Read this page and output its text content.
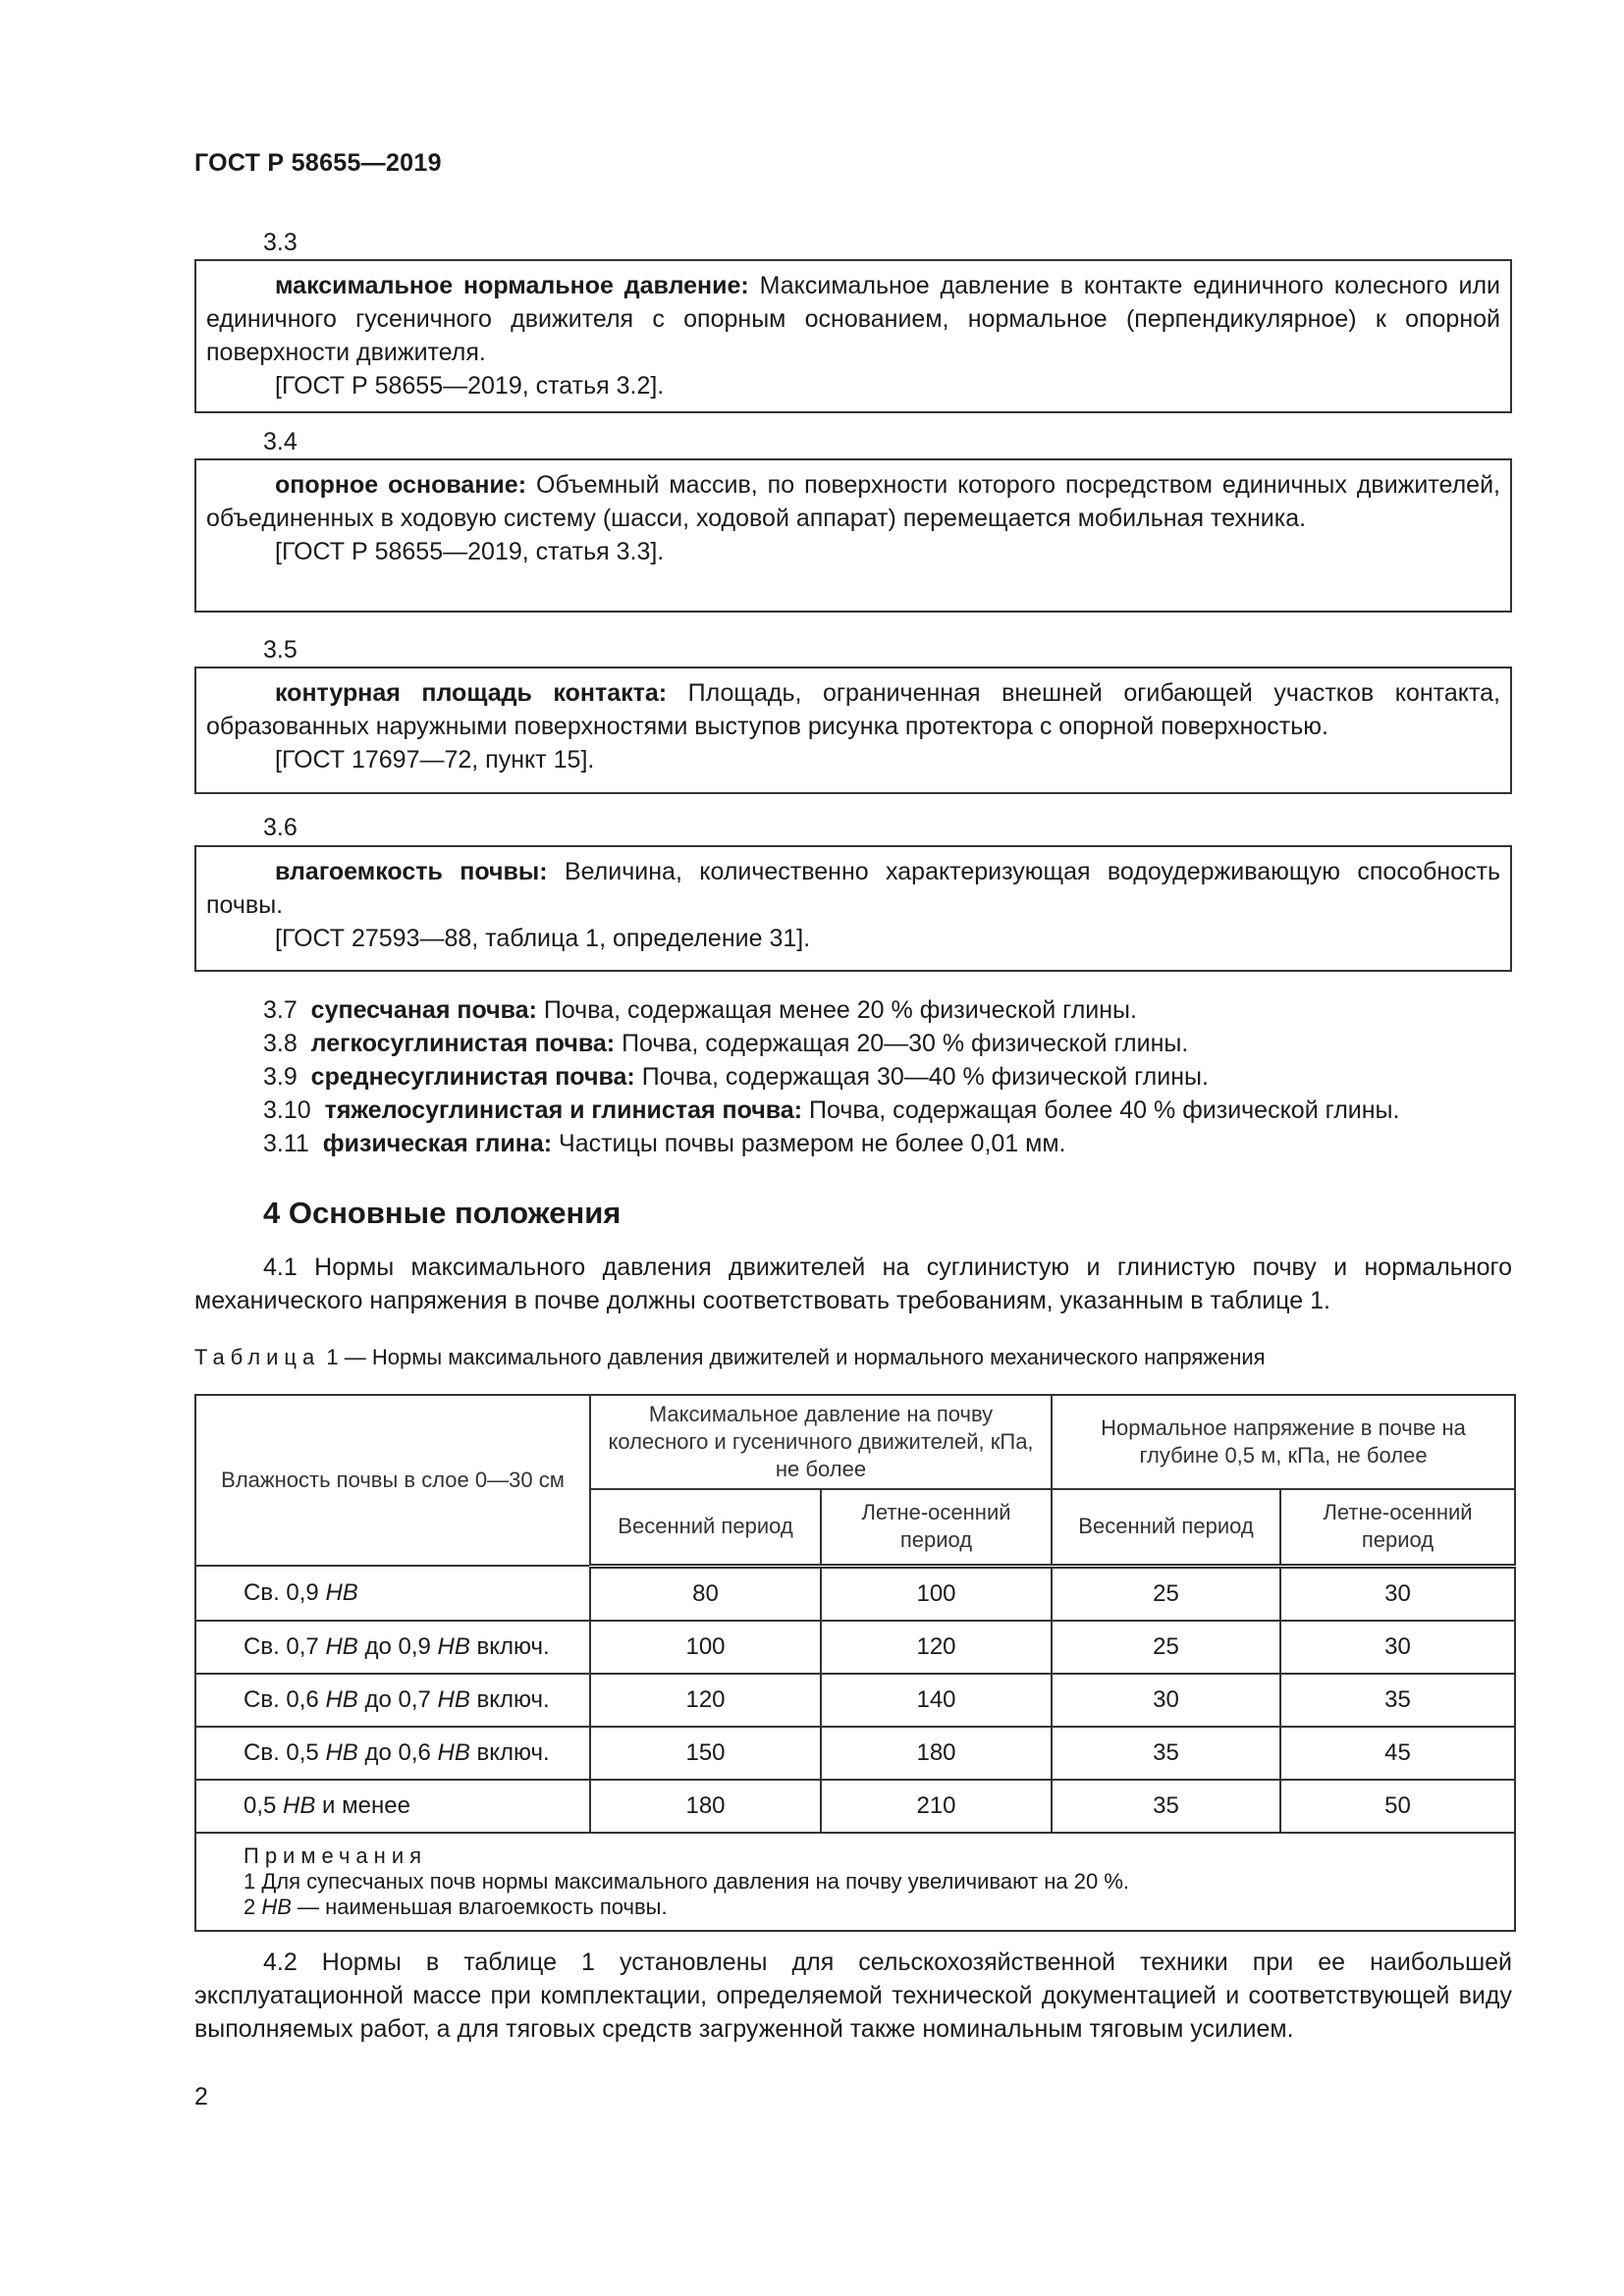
ГОСТ Р 58655—2019
3.3

максимальное нормальное давление: Максимальное давление в контакте единичного колесного или единичного гусеничного движителя с опорным основанием, нормальное (перпендикулярное) к опорной поверхности движителя.

[ГОСТ Р 58655—2019, статья 3.2].

3.4

опорное основание: Объемный массив, по поверхности которого посредством единичных движителей, объединенных в ходовую систему (шасси, ходовой аппарат) перемещается мобильная техника.

[ГОСТ Р 58655—2019, статья 3.3].

3.5

контурная площадь контакта: Площадь, ограниченная внешней огибающей участков контакта, образованных наружными поверхностями выступов рисунка протектора с опорной поверхностью.

[ГОСТ 17697—72, пункт 15].

3.6

влагоемкость почвы: Величина, количественно характеризующая водоудерживающую способность почвы.

[ГОСТ 27593—88, таблица 1, определение 31].

3.7 супесчаная почва: Почва, содержащая менее 20 % физической глины.
3.8 легкосуглинистая почва: Почва, содержащая 20—30 % физической глины.
3.9 среднесуглинистая почва: Почва, содержащая 30—40 % физической глины.
3.10 тяжелосуглинистая и глинистая почва: Почва, содержащая более 40 % физической глины.
3.11 физическая глина: Частицы почвы размером не более 0,01 мм.
4 Основные положения

4.1 Нормы максимального давления движителей на суглинистую и глинистую почву и нормального механического напряжения в почве должны соответствовать требованиям, указанным в таблице 1.

Таблица 1 — Нормы максимального давления движителей и нормального механического напряжения
Влажность почвы в слое 0—30 см	Максимальное давление на почву колесного и гусеничного движителей, кПа, не более		Нормальное напряжение в почве на глубине 0,5 м, кПа, не более	
	Весенний период	Летне-осенний период	Весенний период	Летне-осенний период
Св. 0,9 НВ	80	100	25	30
Св. 0,7 НВ до 0,9 НВ включ.	100	120	25	30
Св. 0,6 НВ до 0,7 НВ включ.	120	140	30	35
Св. 0,5 НВ до 0,6 НВ включ.	150	180	35	45
0,5 НВ и менее	180	210	35	50

Примечания
1 Для супесчаных почв нормы максимального давления на почву увеличивают на 20 %.
2 НВ — наименьшая влагоемкость почвы.				

4.2 Нормы в таблице 1 установлены для сельскохозяйственной техники при ее наибольшей эксплуатационной массе при комплектации, определяемой технической документацией и соответствующей виду выполняемых работ, а для тяговых средств загруженной также номинальным тяговым усилием.

2
